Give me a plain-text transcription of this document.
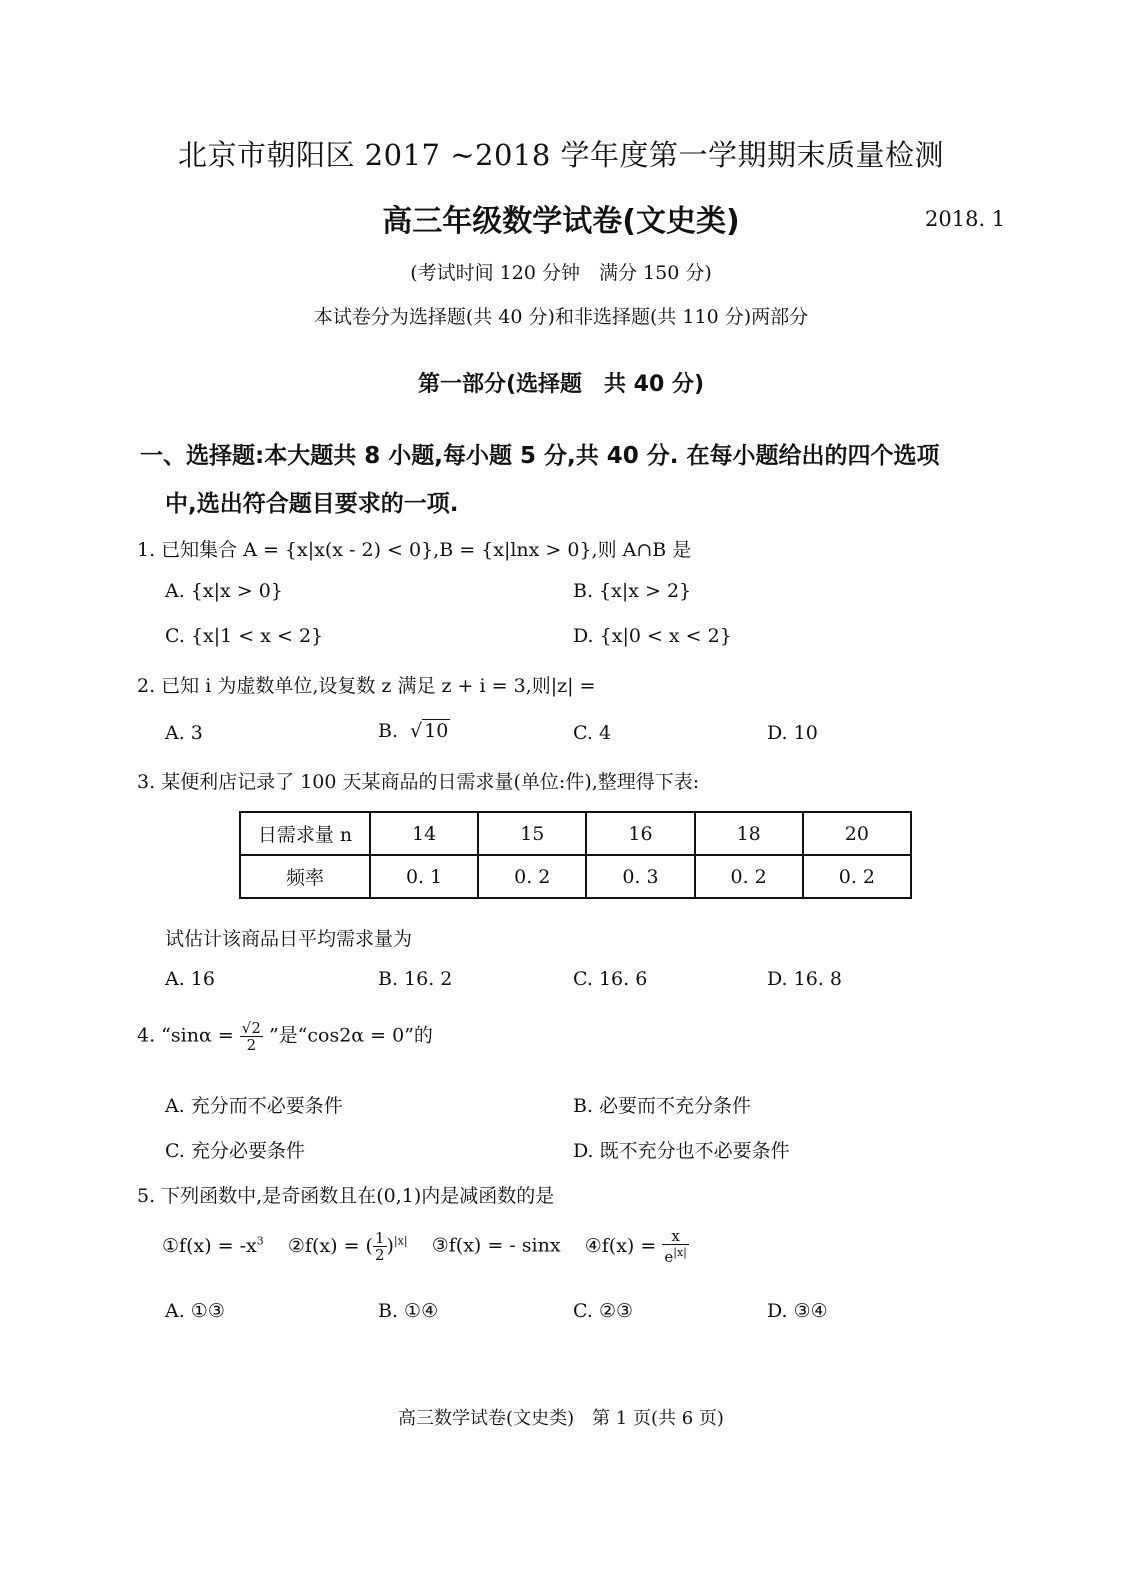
北京市朝阳区 2017 ~2018 学年度第一学期期末质量检测
高三年级数学试卷(文史类)	2018. 1
(考试时间 120 分钟　满分 150 分)
本试卷分为选择题(共 40 分)和非选择题(共 110 分)两部分
第一部分(选择题　共 40 分)
一、选择题:本大题共 8 小题,每小题 5 分,共 40 分. 在每小题给出的四个选项
中,选出符合题目要求的一项.
1. 已知集合 A = {x|x(x - 2) < 0},B = {x|lnx > 0},则 A∩B 是
A. {x|x > 0}	B. {x|x > 2}
C. {x|1 < x < 2}	D. {x|0 < x < 2}
2. 已知 i 为虚数单位,设复数 z 满足 z + i = 3,则|z| =
A. 3	B.  √ 10	C. 4	D. 10
3. 某便利店记录了 100 天某商品的日需求量(单位:件),整理得下表:
日需求量 n	14	15	16	18	20
频率	0. 1	0. 2	0. 3	0. 2	0. 2
试估计该商品日平均需求量为
A. 16	B. 16. 2	C. 16. 6	D. 16. 8
4. “$\sin\alpha = \frac{√2}{2}$ ”是“cos2α = 0”的
A. 充分而不必要条件	B. 必要而不充分条件
C. 充分必要条件	D. 既不充分也不必要条件
5. 下列函数中,是奇函数且在(0,1)内是减函数的是
①f(x) = $-x^3$ ②f(x) = ( $\frac{1}{2} )^{|x|}$ ③f(x) = - sinx ④f(x) = $\frac{x}{e^{|x|}}$
A. ①③	B. ①④	C. ②③	D. ③④
高三数学试卷(文史类)　第 1 页(共 6 页)
